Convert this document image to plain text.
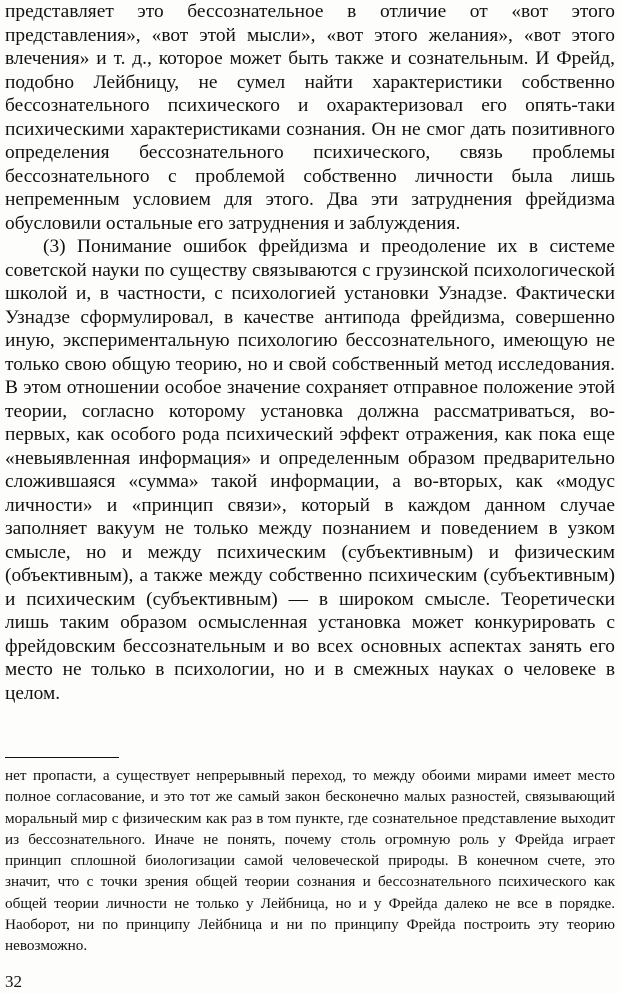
представляет это бессознательное в отличие от «вот этого представления», «вот этой мысли», «вот этого желания», «вот этого влечения» и т. д., которое может быть также и сознательным. И Фрейд, подобно Лейбницу, не сумел найти характеристики собственно бессознательного психического и охарактеризовал его опять-таки психическими характеристиками сознания. Он не смог дать позитивного определения бессознательного психического, связь проблемы бессознательного с проблемой собственно личности была лишь непременным условием для этого. Два эти затруднения фрейдизма обусловили остальные его затруднения и заблуждения.

(3) Понимание ошибок фрейдизма и преодоление их в системе советской науки по существу связываются с грузинской психологической школой и, в частности, с психологией установки Узнадзе. Фактически Узнадзе сформулировал, в качестве антипода фрейдизма, совершенно иную, экспериментальную психологию бессознательного, имеющую не только свою общую теорию, но и свой собственный метод исследования. В этом отношении особое значение сохраняет отправное положение этой теории, согласно которому установка должна рассматриваться, во-первых, как особого рода психический эффект отражения, как пока еще «невыявленная информация» и определенным образом предварительно сложившаяся «сумма» такой информации, а во-вторых, как «модус личности» и «принцип связи», который в каждом данном случае заполняет вакуум не только между познанием и поведением в узком смысле, но и между психическим (субъективным) и физическим (объективным), а также между собственно психическим (субъективным) и психическим (субъективным) — в широком смысле. Теоретически лишь таким образом осмысленная установка может конкурировать с фрейдовским бессознательным и во всех основных аспектах занять его место не только в психологии, но и в смежных науках о человеке в целом.

нет пропасти, а существует непрерывный переход, то между обоими мирами имеет место полное согласование, и это тот же самый закон бесконечно малых разностей, связывающий моральный мир с физическим как раз в том пункте, где сознательное представление выходит из бессознательного. Иначе не понять, почему столь огромную роль у Фрейда играет принцип сплошной биологизации самой человеческой природы. В конечном счете, это значит, что с точки зрения общей теории сознания и бессознательного психического как общей теории личности не только у Лейбница, но и у Фрейда далеко не все в порядке. Наоборот, ни по принципу Лейбница и ни по принципу Фрейда построить эту теорию невозможно.

32
